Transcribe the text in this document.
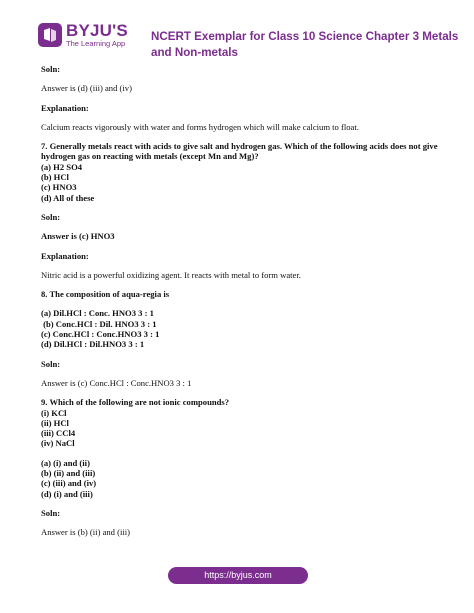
BYJU'S
The Learning App
NCERT Exemplar for Class 10 Science Chapter 3 Metals and Non-metals

Soln:

Answer is (d) (iii) and (iv)

Explanation:

Calcium reacts vigorously with water and forms hydrogen which will make calcium to float.

7. Generally metals react with acids to give salt and hydrogen gas. Which of the following acids does not give hydrogen gas on reacting with metals (except Mn and Mg)?

(a) H2 SO4

(b) HCl

(c) HNO3

(d) All of these

Soln:

Answer is (c) HNO3

Explanation:

Nitric acid is a powerful oxidizing agent. It reacts with metal to form water.

8. The composition of aqua-regia is

(a) Dil.HCl : Conc. HNO3 3 : 1

(b) Conc.HCl : Dil. HNO3 3 : 1

(c) Conc.HCl : Conc.HNO3 3 : 1

(d) Dil.HCl : Dil.HNO3 3 : 1

Soln:

Answer is (c) Conc.HCl : Conc.HNO3 3 : 1

9. Which of the following are not ionic compounds?

(i) KCl

(ii) HCl

(iii) CCl4

(iv) NaCl

(a) (i) and (ii)

(b) (ii) and (iii)

(c) (iii) and (iv)

(d) (i) and (iii)

Soln:

Answer is (b) (ii) and (iii)

https://byjus.com
